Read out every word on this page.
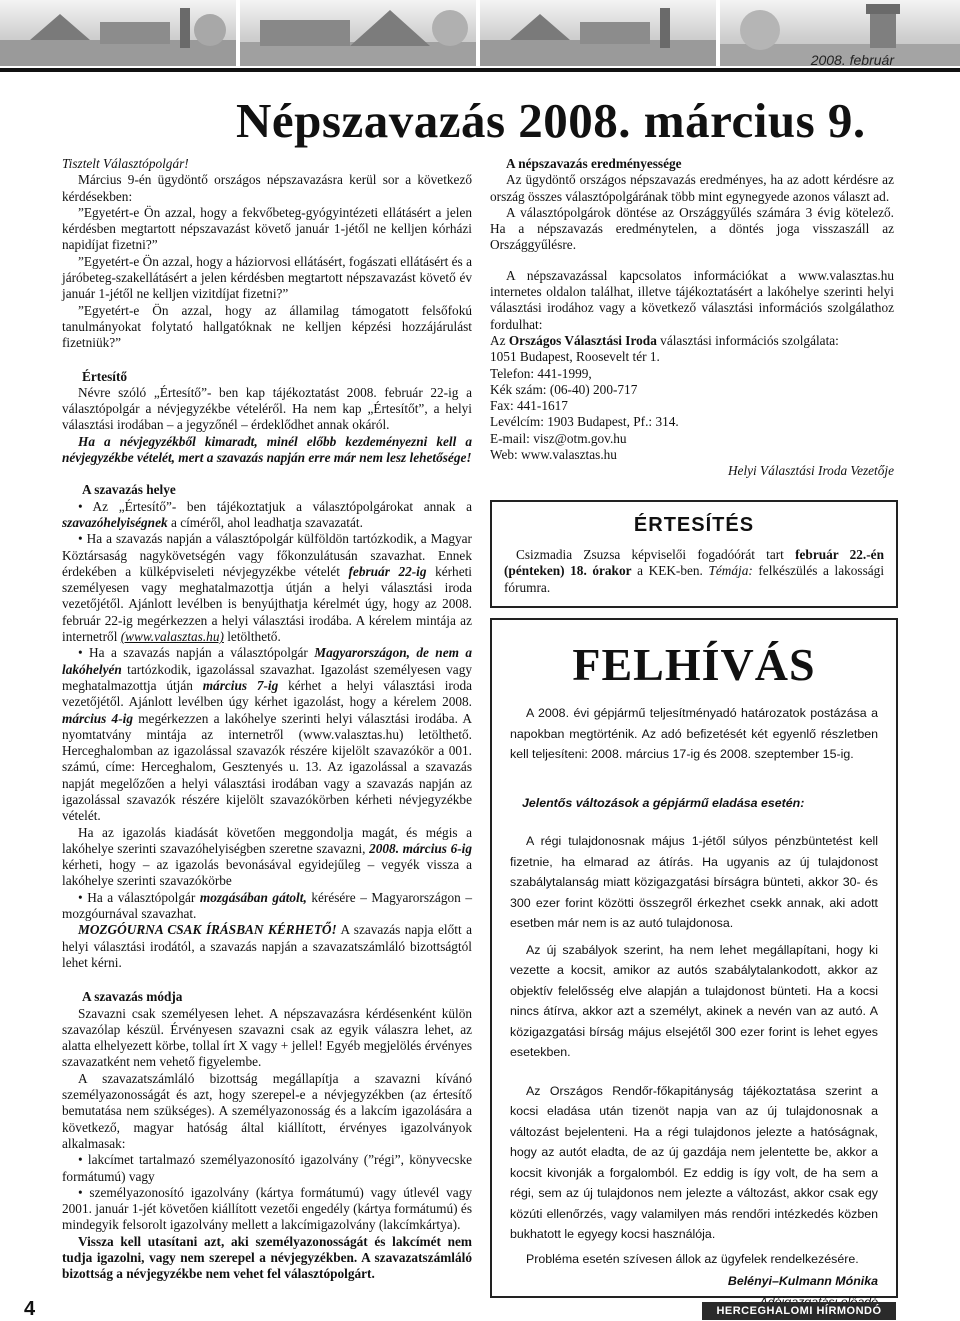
2008. február
Népszavazás 2008. március 9.

Tisztelt Választópolgár!

Március 9-én ügydöntő országos népszavazásra kerül sor a következő kérdésekben:

”Egyetért-e Ön azzal, hogy a fekvőbeteg-gyógyintézeti ellátásért a jelen kérdésben megtartott népszavazást követő január 1-jétől ne kelljen kórházi napidíjat fizetni?”

”Egyetért-e Ön azzal, hogy a háziorvosi ellátásért, fogászati ellátásért és a járóbeteg-szakellátásért a jelen kérdésben megtartott népszavazást követő év január 1-jétől ne kelljen vizitdíjat fizetni?”

”Egyetért-e Ön azzal, hogy az államilag támogatott felsőfokú tanulmányokat folytató hallgatóknak ne kelljen képzési hozzájárulást fizetniük?”

Értesítő

Névre szóló „Értesítő”- ben kap tájékoztatást 2008. február 22-ig a választópolgár a névjegyzékbe vételéről. Ha nem kap „Értesítőt”, a helyi választási irodában – a jegyzőnél – érdeklődhet annak okáról.

Ha a névjegyzékből kimaradt, minél előbb kezdeményezni kell a névjegyzékbe vételét, mert a szavazás napján erre már nem lesz lehetősége!

A szavazás helye

• Az „Értesítő”- ben tájékoztatjuk a választópolgárokat annak a szavazóhelyiségnek a címéről, ahol leadhatja szavazatát.

• Ha a szavazás napján a választópolgár külföldön tartózkodik, a Magyar Köztársaság nagykövetségén vagy főkonzulátusán szavazhat. Ennek érdekében a külképviseleti névjegyzékbe vételét február 22-ig kérheti személyesen vagy meghatalmazottja útján a helyi választási iroda vezetőjétől. Ajánlott levélben is benyújthatja kérelmét úgy, hogy az 2008. február 22-ig megérkezzen a helyi választási irodába. A kérelem mintája az internetről (www.valasztas.hu) letölthető.

• Ha a szavazás napján a választópolgár Magyarországon, de nem a lakóhelyén tartózkodik, igazolással szavazhat. Igazolást személyesen vagy meghatalmazottja útján március 7-ig kérhet a helyi választási iroda vezetőjétől. Ajánlott levélben úgy kérhet igazolást, hogy a kérelem 2008. március 4-ig megérkezzen a lakóhelye szerinti helyi választási irodába. A nyomtatvány mintája az internetről (www.valasztas.hu) letölthető. Herceghalomban az igazolással szavazók részére kijelölt szavazókör a 001. számú, címe: Herceghalom, Gesztenyés u. 13. Az igazolással a szavazás napját megelőzően a helyi választási irodában vagy a szavazás napján az igazolással szavazók részére kijelölt szavazókörben kérheti névjegyzékbe vételét.

Ha az igazolás kiadását követően meggondolja magát, és mégis a lakóhelye szerinti szavazóhelyiségben szeretne szavazni, 2008. március 6-ig kérheti, hogy – az igazolás bevonásával egyidejűleg – vegyék vissza a lakóhelye szerinti szavazókörbe

• Ha a választópolgár mozgásában gátolt, kérésére – Magyarországon – mozgóurnával szavazhat.

MOZGÓURNA CSAK ÍRÁSBAN KÉRHETŐ! A szavazás napja előtt a helyi választási irodától, a szavazás napján a szavazatszámláló bizottságtól lehet kérni.

A szavazás módja

Szavazni csak személyesen lehet. A népszavazásra kérdésenként külön szavazólap készül. Érvényesen szavazni csak az egyik válaszra lehet, az alatta elhelyezett körbe, tollal írt X vagy + jellel! Egyéb megjelölés érvényes szavazatként nem vehető figyelembe.

A szavazatszámláló bizottság megállapítja a szavazni kívánó személyazonosságát és azt, hogy szerepel-e a névjegyzékben (az értesítő bemutatása nem szükséges). A személyazonosság és a lakcím igazolására a következő, magyar hatóság által kiállított, érvényes igazolványok alkalmasak:

• lakcímet tartalmazó személyazonosító igazolvány (”régi”, könyvecske formátumú) vagy

• személyazonosító igazolvány (kártya formátumú) vagy útlevél vagy 2001. január 1-jét követően kiállított vezetői engedély (kártya formátumú) és mindegyik felsorolt igazolvány mellett a lakcímigazolvány (lakcímkártya).

Vissza kell utasítani azt, aki személyazonosságát és lakcímét nem tudja igazolni, vagy nem szerepel a névjegyzékben. A szavazatszámláló bizottság a névjegyzékbe nem vehet fel választópolgárt.

A népszavazás eredményessége

Az ügydöntő országos népszavazás eredményes, ha az adott kérdésre az ország összes választópolgárának több mint egynegyede azonos választ ad.

A választópolgárok döntése az Országgyűlés számára 3 évig kötelező. Ha a népszavazás eredménytelen, a döntés joga visszaszáll az Országgyűlésre.

A népszavazással kapcsolatos információkat a www.valasztas.hu internetes oldalon találhat, illetve tájékoztatásért a lakóhelye szerinti helyi választási irodához vagy a következő választási információs szolgálathoz fordulhat:

Az Országos Választási Iroda választási információs szolgálata:

1051 Budapest, Roosevelt tér 1.

Telefon: 441-1999,

Kék szám: (06-40) 200-717

Fax: 441-1617

Levélcím: 1903 Budapest, Pf.: 314.

E-mail: visz@otm.gov.hu

Web: www.valasztas.hu

Helyi Választási Iroda Vezetője

ÉRTESÍTÉS

Csizmadia Zsuzsa képviselői fogadóórát tart február 22.-én (pénteken) 18. órakor a KEK-ben. Témája: felkészülés a lakossági fórumra.

FELHÍVÁS

A 2008. évi gépjármű teljesítményadó határozatok postázása a napokban megtörténik. Az adó befizetését két egyenlő részletben kell teljesíteni: 2008. március 17-ig és 2008. szeptember 15-ig.

Jelentős változások a gépjármű eladása esetén:

A régi tulajdonosnak május 1-jétől súlyos pénzbüntetést kell fizetnie, ha elmarad az átírás. Ha ugyanis az új tulajdonost szabálytalanság miatt közigazgatási bírságra bünteti, akkor 30- és 300 ezer forint közötti összegről érkezhet csekk annak, aki adott esetben már nem is az autó tulajdonosa.

Az új szabályok szerint, ha nem lehet megállapítani, hogy ki vezette a kocsit, amikor az autós szabálytalankodott, akkor az objektív felelősség elve alapján a tulajdonost bünteti. Ha a kocsi nincs átírva, akkor azt a személyt, akinek a nevén van az autó. A közigazgatási bírság május elsejétől 300 ezer forint is lehet egyes esetekben.

Az Országos Rendőr-főkapitányság tájékoztatása szerint a kocsi eladása után tizenöt napja van az új tulajdonosnak a változást bejelenteni. Ha a régi tulajdonos jelezte a hatóságnak, hogy az autót eladta, de az új gazdája nem jelentette be, akkor a kocsit kivonják a forgalomból. Ez eddig is így volt, de ha sem a régi, sem az új tulajdonos nem jelezte a változást, akkor csak egy közúti ellenőrzés, vagy valamilyen más rendőri intézkedés közben bukhatott le egyegy kocsi használója.

Probléma esetén szívesen állok az ügyfelek rendelkezésére.

Belényi–Kulmann Mónika

4	HERCEGHALOMI HÍRMONDÓ
